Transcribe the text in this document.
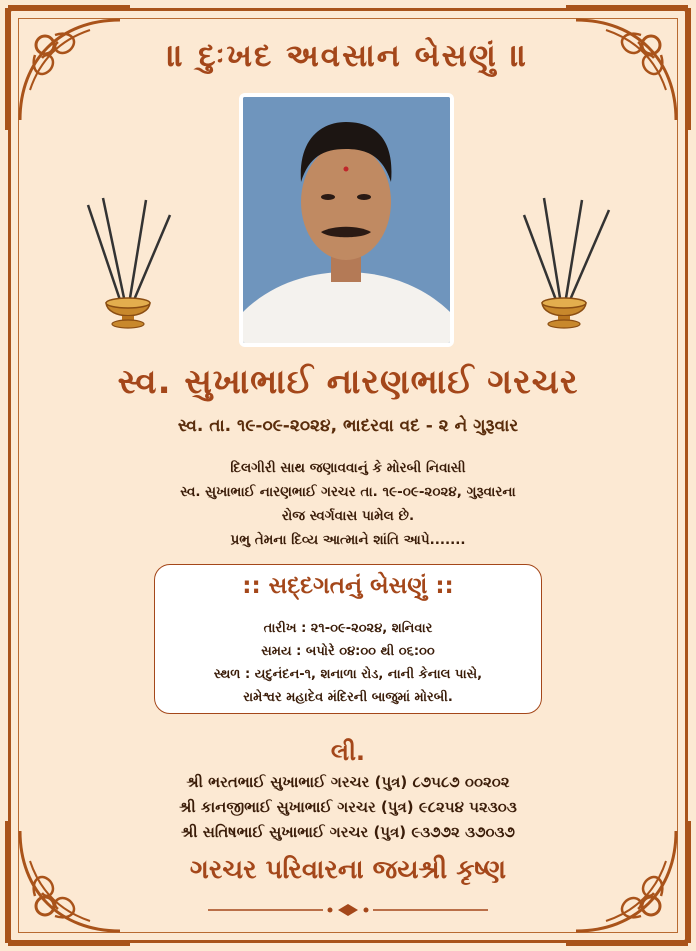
॥ દુઃખદ અવસાન બેસણું ॥
સ્વ. સુખાભાઈ નારણભાઈ ગરચર
સ્વ. તા. ૧૯-૦૯-૨૦૨૪, ભાદરવા વદ - ૨ ને ગુરૂવાર
દિલગીરી સાથ જણાવવાનું કે મોરબી નિવાસી
સ્વ. સુખાભાઈ નારણભાઈ ગરચર તા. ૧૯-૦૯-૨૦૨૪, ગુરૂવારના
રોજ સ્વર્ગવાસ પામેલ છે.
પ્રભુ તેમના દિવ્ય આત્માને શાંતિ આપે.......
:: સદ્દગતનું બેસણું ::
તારીખ : ૨૧-૦૯-૨૦૨૪, શનિવાર
સમય : બપોરે ૦૪:૦૦ થી ૦૬:૦૦
સ્થળ : યદુનંદન-૧, શનાળા રોડ, નાની કેનાલ પાસે,
રામેશ્વર મહાદેવ મંદિરની બાજુમાં મોરબી.
લી.
શ્રી ભરતભાઈ સુખાભાઈ ગરચર (પુત્ર) ૮૭૫૮૭ ૦૦૨૦૨
શ્રી કાનજીભાઈ સુખાભાઈ ગરચર (પુત્ર) ૯૮૨૫૪ ૫૨૩૦૩
શ્રી સતિષભાઈ સુખાભાઈ ગરચર (પુત્ર) ૯૩૭૭૨ ૩૭૦૩૭
ગરચર પરિવારના જયશ્રી કૃષ્ણ
